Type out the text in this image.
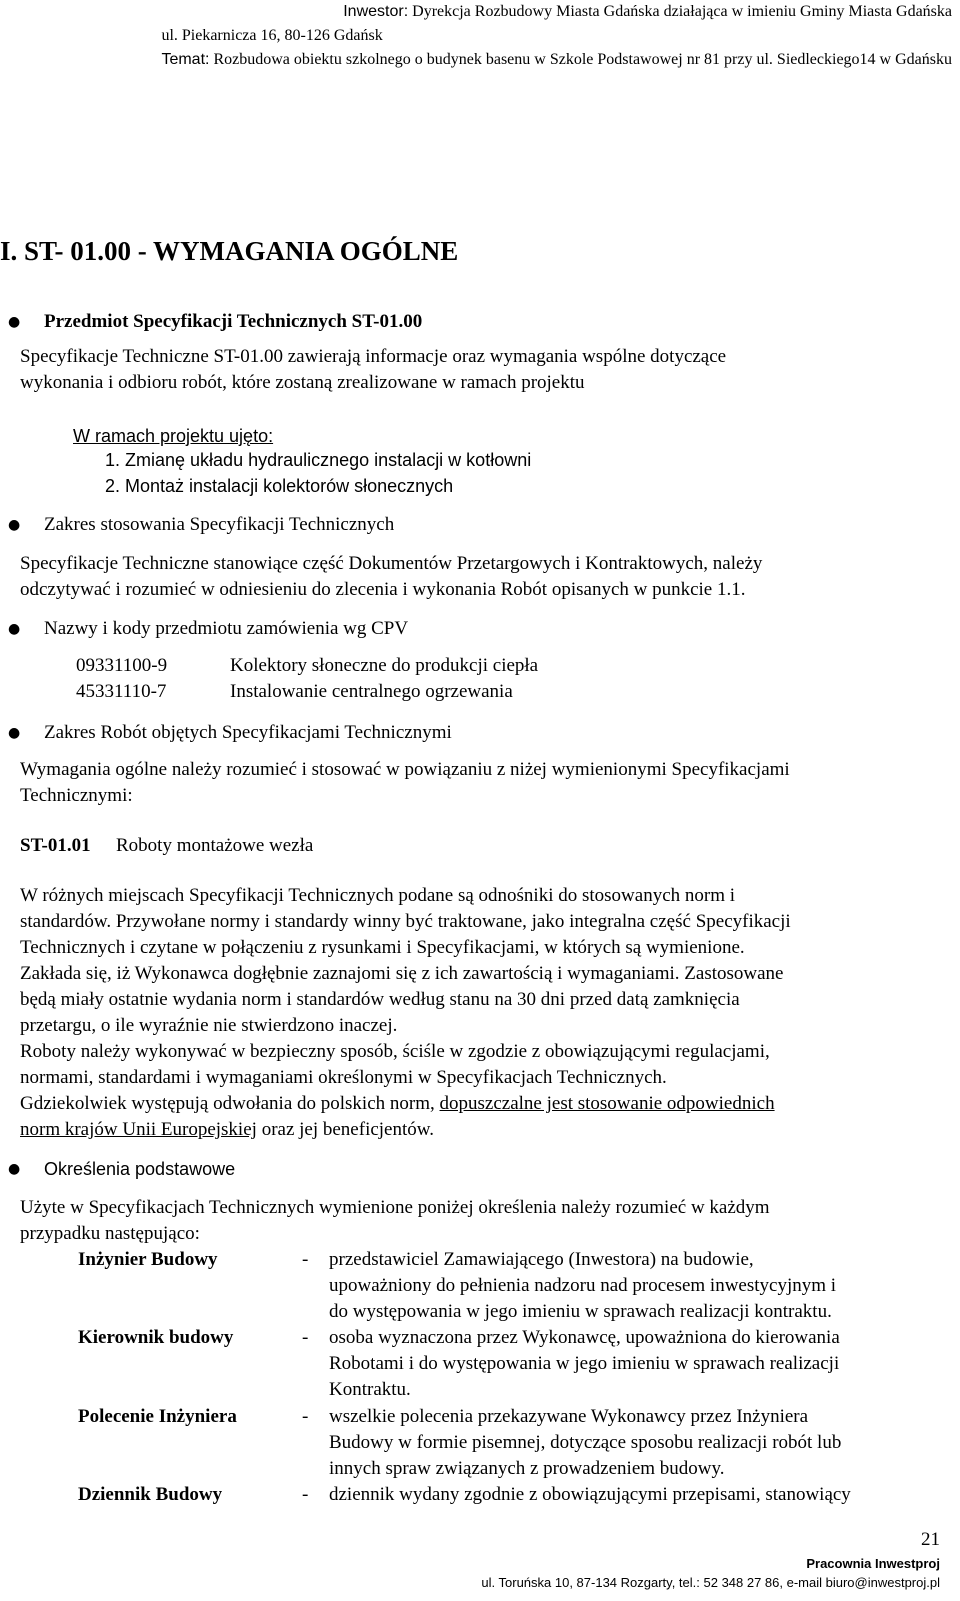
Inwestor: Dyrekcja Rozbudowy Miasta Gdańska działająca w imieniu Gminy Miasta Gdańska
ul. Piekarnicza 16, 80-126 Gdańsk
Temat: Rozbudowa obiektu szkolnego o budynek basenu w Szkole Podstawowej nr 81 przy ul. Siedleckiego14 w Gdańsku
I. ST- 01.00 - WYMAGANIA OGÓLNE
● Przedmiot Specyfikacji Technicznych ST-01.00
Specyfikacje Techniczne ST-01.00 zawierają informacje oraz wymagania wspólne dotyczące
wykonania i odbioru robót, które zostaną zrealizowane w ramach projektu
W ramach projektu ujęto:
1. Zmianę układu hydraulicznego instalacji w kotłowni
2. Montaż instalacji kolektorów słonecznych
● Zakres stosowania Specyfikacji Technicznych
Specyfikacje Techniczne stanowiące część Dokumentów Przetargowych i Kontraktowych, należy
odczytywać i rozumieć w odniesieniu do zlecenia i wykonania Robót opisanych w punkcie 1.1.
● Nazwy i kody przedmiotu zamówienia wg CPV
09331100-9	Kolektory słoneczne do produkcji ciepła
45331110-7	Instalowanie centralnego ogrzewania
● Zakres Robót objętych Specyfikacjami Technicznymi
Wymagania ogólne należy rozumieć i stosować w powiązaniu z niżej wymienionymi Specyfikacjami
Technicznymi:
ST-01.01 Roboty montażowe wezła
W różnych miejscach Specyfikacji Technicznych podane są odnośniki do stosowanych norm i
standardów. Przywołane normy i standardy winny być traktowane, jako integralna część Specyfikacji
Technicznych i czytane w połączeniu z rysunkami i Specyfikacjami, w których są wymienione.
Zakłada się, iż Wykonawca dogłębnie zaznajomi się z ich zawartością i wymaganiami. Zastosowane
będą miały ostatnie wydania norm i standardów według stanu na 30 dni przed datą zamknięcia
przetargu, o ile wyraźnie nie stwierdzono inaczej.
Roboty należy wykonywać w bezpieczny sposób, ściśle w zgodzie z obowiązującymi regulacjami,
normami, standardami i wymaganiami określonymi w Specyfikacjach Technicznych.
Gdziekolwiek występują odwołania do polskich norm, dopuszczalne jest stosowanie odpowiednich
norm krajów Unii Europejskiej oraz jej beneficjentów.
● Określenia podstawowe
Użyte w Specyfikacjach Technicznych wymienione poniżej określenia należy rozumieć w każdym
przypadku następująco:
Inżynier Budowy	- przedstawiciel Zamawiającego (Inwestora) na budowie,
upoważniony do pełnienia nadzoru nad procesem inwestycyjnym i
do występowania w jego imieniu w sprawach realizacji kontraktu.
Kierownik budowy	- osoba wyznaczona przez Wykonawcę, upoważniona do kierowania
Robotami i do występowania w jego imieniu w sprawach realizacji
Kontraktu.
Polecenie Inżyniera	- wszelkie polecenia przekazywane Wykonawcy przez Inżyniera
Budowy w formie pisemnej, dotyczące sposobu realizacji robót lub
innych spraw związanych z prowadzeniem budowy.
Dziennik Budowy	- dziennik wydany zgodnie z obowiązującymi przepisami, stanowiący
21
Pracownia Inwestproj
ul. Toruńska 10, 87-134 Rozgarty, tel.: 52 348 27 86, e-mail biuro@inwestproj.pl
